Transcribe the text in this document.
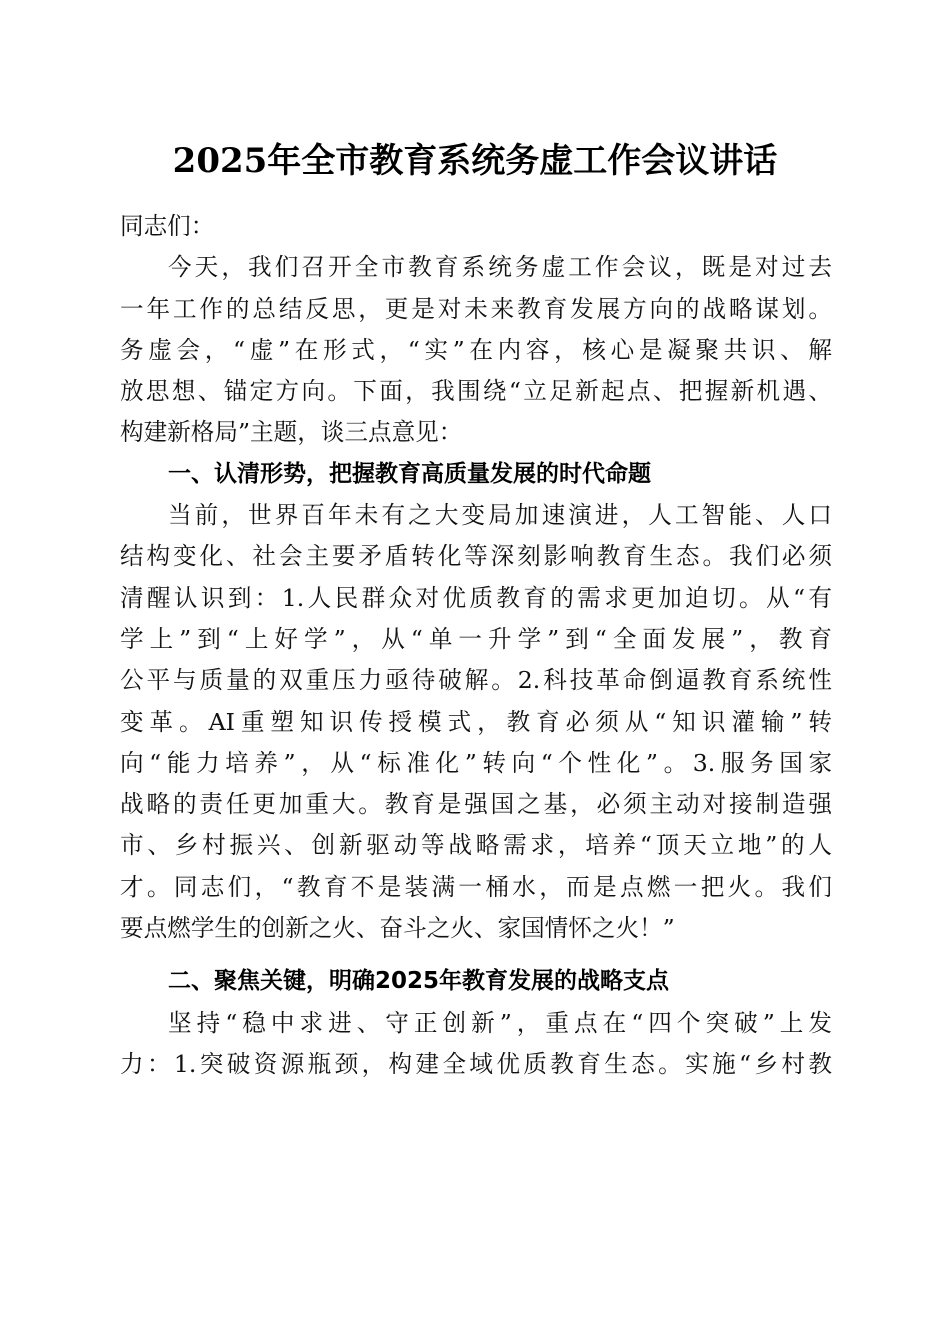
2025年全市教育系统务虚工作会议讲话
同志们：
今天，我们召开全市教育系统务虚工作会议，既是对过去
一年工作的总结反思，更是对未来教育发展方向的战略谋划。
务虚会，“虚”在形式，“实”在内容，核心是凝聚共识、解
放思想、锚定方向。下面，我围绕“立足新起点、把握新机遇、
构建新格局”主题，谈三点意见：
一、认清形势，把握教育高质量发展的时代命题
当前，世界百年未有之大变局加速演进，人工智能、人口
结构变化、社会主要矛盾转化等深刻影响教育生态。我们必须
清醒认识到：1.人民群众对优质教育的需求更加迫切。从“有
学上”到“上好学”，从“单一升学”到“全面发展”，教育
公平与质量的双重压力亟待破解。2.科技革命倒逼教育系统性
变革。AI重塑知识传授模式，教育必须从“知识灌输”转
向“能力培养”，从“标准化”转向“个性化”。3.服务国家
战略的责任更加重大。教育是强国之基，必须主动对接制造强
市、乡村振兴、创新驱动等战略需求，培养“顶天立地”的人
才。同志们，“教育不是装满一桶水，而是点燃一把火。我们
要点燃学生的创新之火、奋斗之火、家国情怀之火！”
二、聚焦关键，明确2025年教育发展的战略支点
坚持“稳中求进、守正创新”，重点在“四个突破”上发
力：1.突破资源瓶颈，构建全域优质教育生态。实施“乡村教
